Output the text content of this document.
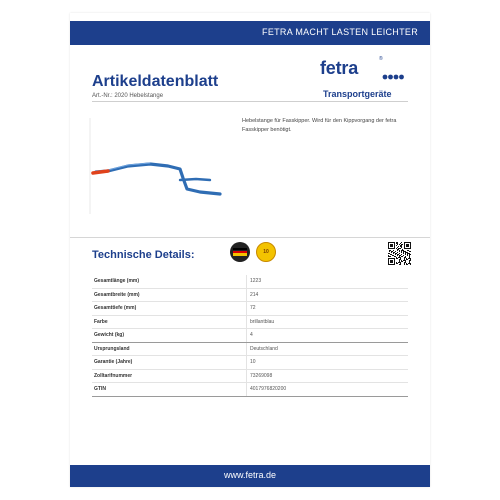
FETRA MACHT LASTEN LEICHTER
Artikeldatenblatt
Art.-Nr.: 2020 Hebelstange
fetra	®
Transportgeräte
Hebelstange für Fasskipper. Wird für den Kippvorgang der fetra Fasskipper benötigt.
Technische Details:	10
Gesamtlänge (mm)	1223
Gesamtbreite (mm)	214
Gesamttiefe (mm)	72
Farbe	brillantblau
Gewicht (kg)	4
Ursprungsland	Deutschland
Garantie (Jahre)	10
Zolltarifnummer	73269098
GTIN	4017976820200
www.fetra.de
